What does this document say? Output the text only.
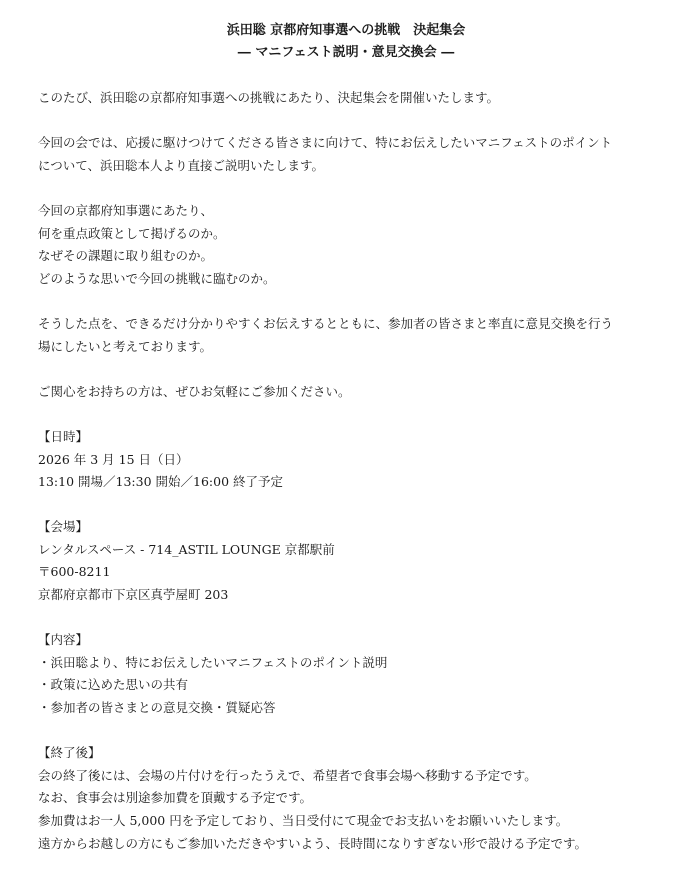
浜田聡 京都府知事選への挑戦　決起集会
― マニフェスト説明・意見交換会 ―
このたび、浜田聡の京都府知事選への挑戦にあたり、決起集会を開催いたします。
今回の会では、応援に駆けつけてくださる皆さまに向けて、特にお伝えしたいマニフェストのポイント
について、浜田聡本人より直接ご説明いたします。
今回の京都府知事選にあたり、
何を重点政策として掲げるのか。
なぜその課題に取り組むのか。
どのような思いで今回の挑戦に臨むのか。
そうした点を、できるだけ分かりやすくお伝えするとともに、参加者の皆さまと率直に意見交換を行う
場にしたいと考えております。
ご関心をお持ちの方は、ぜひお気軽にご参加ください。
【日時】
2026 年 3 月 15 日（日）
13:10 開場／13:30 開始／16:00 終了予定
【会場】
レンタルスペース - 714_ASTIL LOUNGE 京都駅前
〒600-8211
京都府京都市下京区真苧屋町 203
【内容】
・浜田聡より、特にお伝えしたいマニフェストのポイント説明
・政策に込めた思いの共有
・参加者の皆さまとの意見交換・質疑応答
【終了後】
会の終了後には、会場の片付けを行ったうえで、希望者で食事会場へ移動する予定です。
なお、食事会は別途参加費を頂戴する予定です。
参加費はお一人 5,000 円を予定しており、当日受付にて現金でお支払いをお願いいたします。
遠方からお越しの方にもご参加いただきやすいよう、長時間になりすぎない形で設ける予定です。
